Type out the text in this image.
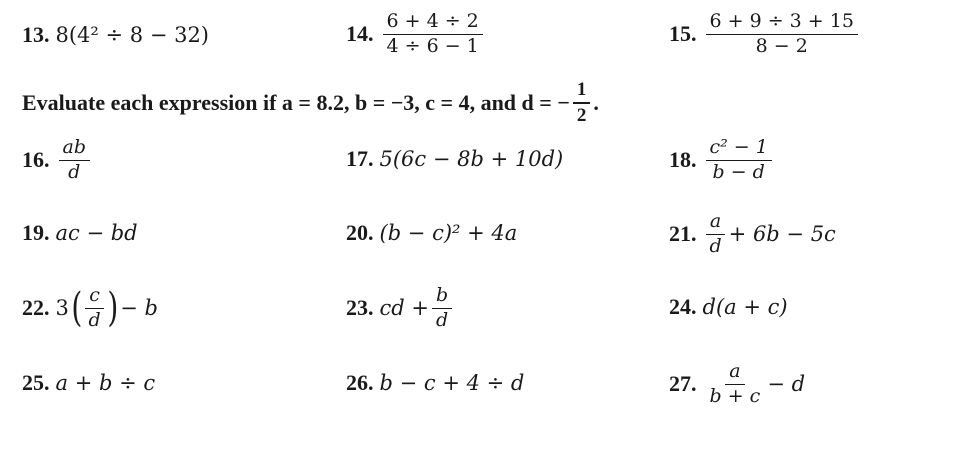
13. 8(4² ÷ 8 − 32)	14. $\frac{6 + 4 \div 2}{4 \div 6 - 1}$	15. $\frac{6 + 9 \div 3 + 15}{8 - 2}$
Evaluate each expression if a = 8.2, b = −3, c = 4, and d = − $\frac{1}{2}$ .
16. $\frac{ab}{d}$	17. 5(6c − 8b + 10d)	18. $\frac{\text{c² − 1}}{b - d}$
19. ac − bd	20. (b − c)² + 4a	21. $\frac{a}{d} + 6b - 5c$
22. 3 ( $\frac{c}{d}$ ) − b	23. cd + $\frac{b}{d}$	24. d(a + c)
25. a + b ÷ c	26. b − c + 4 ÷ d	27. $\frac{a}{b + c} - d$
